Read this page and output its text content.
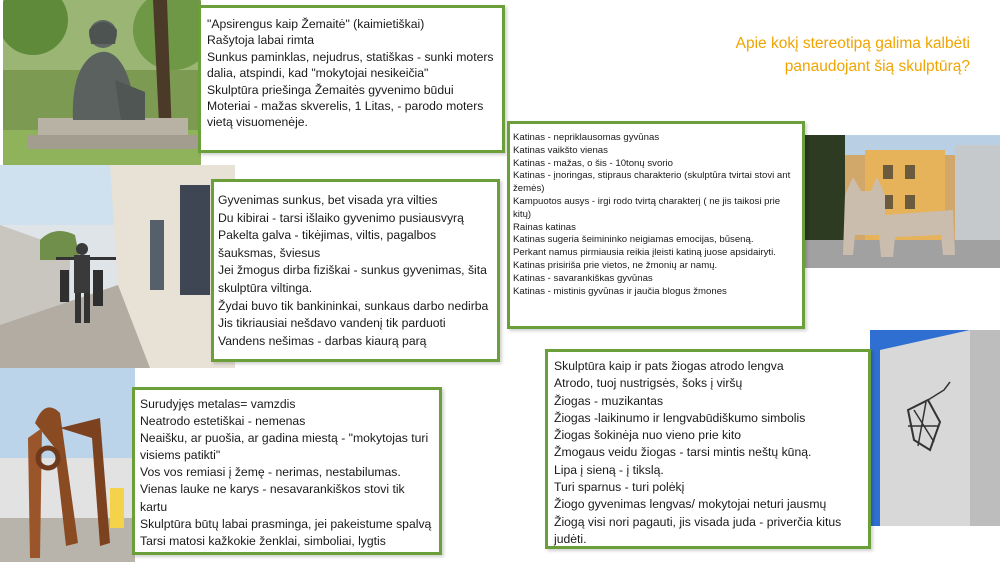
Apie kokį stereotipą galima kalbėti panaudojant šią skulptūrą?
"Apsirengus kaip Žemaitė" (kaimietiškai)
Rašytoja labai rimta
Sunkus paminklas, nejudrus, statiškas - sunki moters dalia, atspindi, kad "mokytojai nesikeičia"
Skulptūra priešinga Žemaitės gyvenimo būdui
Moteriai - mažas skverelis, 1 Litas, - parodo moters vietą visuomenėje.
Gyvenimas sunkus, bet visada yra vilties
Du kibirai - tarsi išlaiko gyvenimo pusiausvyrą
Pakelta galva - tikėjimas, viltis, pagalbos šauksmas, šviesus
Jei žmogus dirba fiziškai - sunkus gyvenimas, šita skulptūra viltinga.
Žydai buvo tik bankininkai, sunkaus darbo nedirba
Jis tikriausiai nešdavo vandenį tik parduoti
Vandens nešimas - darbas kiaurą parą
Katinas - nepriklausomas gyvūnas
Katinas vaikšto vienas
Katinas - mažas, o šis - 10tonų svorio
Katinas - įnoringas, stipraus charakterio (skulptūra tvirtai stovi ant žemės)
Kampuotos ausys - irgi rodo tvirtą charakterį ( ne jis taikosi prie kitų)
Rainas katinas
Katinas sugeria šeimininko neigiamas emocijas, būseną.
Perkant namus pirmiausia reikia įleisti katiną juose apsidairyti.
Katinas prisiriša prie vietos, ne žmonių ar namų.
Katinas - savarankiškas gyvūnas
Katinas - mistinis gyvūnas ir jaučia blogus žmones
Surudyjęs metalas= vamzdis
Neatrodo estetiškai - nemenas
Neaišku, ar puošia, ar gadina miestą - "mokytojas turi visiems patikti"
Vos vos remiasi į žemę - nerimas, nestabilumas.
Vienas lauke ne karys - nesavarankiškos stovi tik kartu
Skulptūra būtų labai prasminga, jei pakeistume spalvą
Tarsi matosi kažkokie ženklai, simboliai, lygtis
Skulptūra kaip ir pats žiogas atrodo lengva
Atrodo, tuoj nustrigsės, šoks į viršų
Žiogas - muzikantas
Žiogas -laikinumo ir lengvabūdiškumo simbolis
Žiogas šokinėja nuo vieno prie kito
Žmogaus veidu žiogas - tarsi mintis neštų kūną.
Lipa į sieną - į tikslą.
Turi sparnus - turi polėkį
Žiogo gyvenimas lengvas/ mokytojai neturi jausmų
Žiogą visi nori pagauti, jis visada juda - priverčia kitus judėti.
